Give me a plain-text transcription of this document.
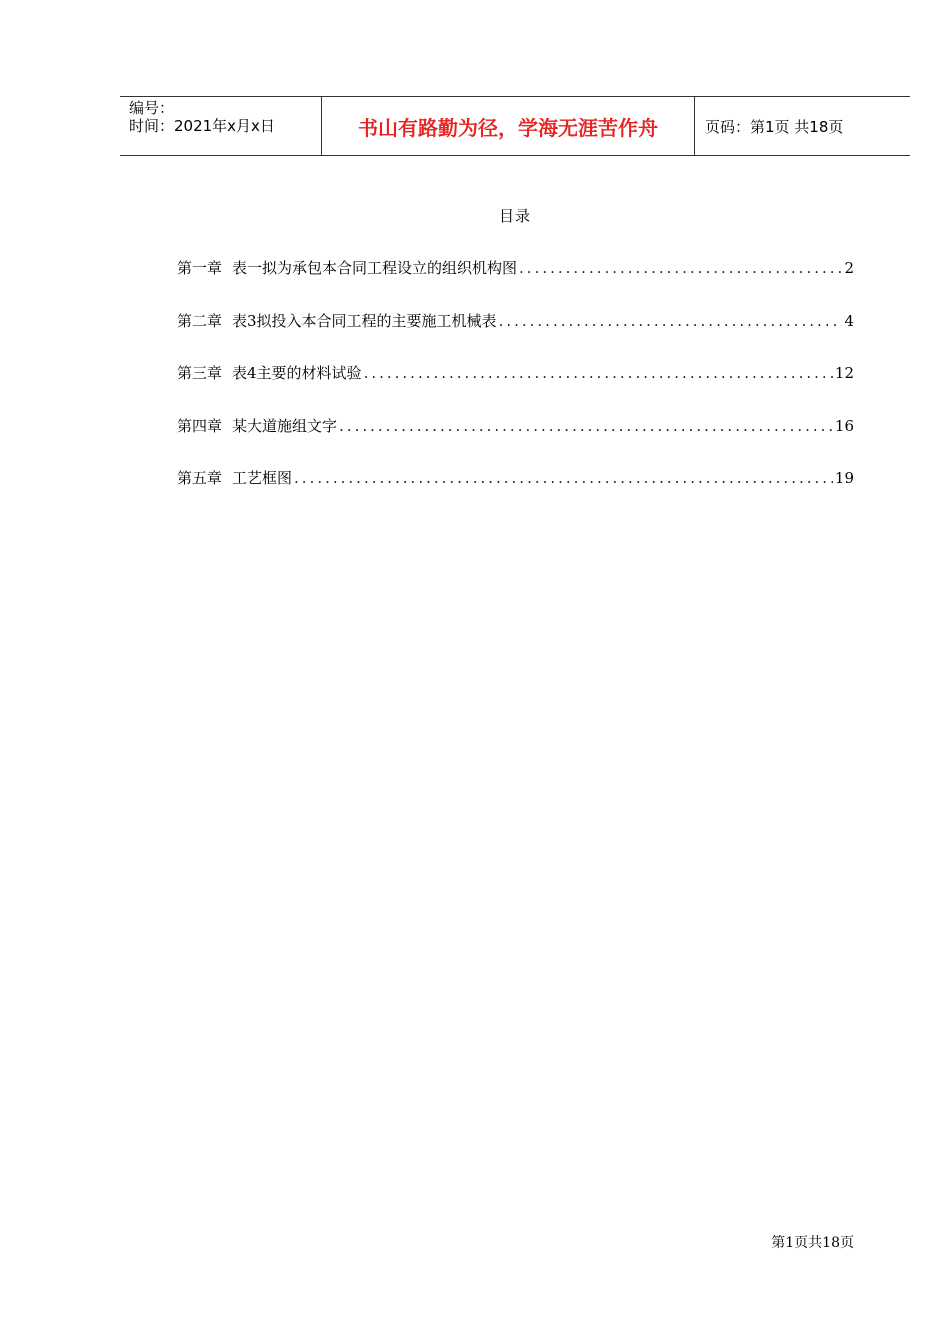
编号：
时间：2021年x月x日	书山有路勤为径，学海无涯苦作舟	页码：第1页 共18页
目录
第一章 表一拟为承包本合同工程设立的组织机构图 .....	2
第二章 表3拟投入本合同工程的主要施工机械表 .....	4
第三章 表4主要的材料试验 .....	12
第四章 某大道施组文字 .....	16
第五章 工艺框图 .....	19
第1页共18页
